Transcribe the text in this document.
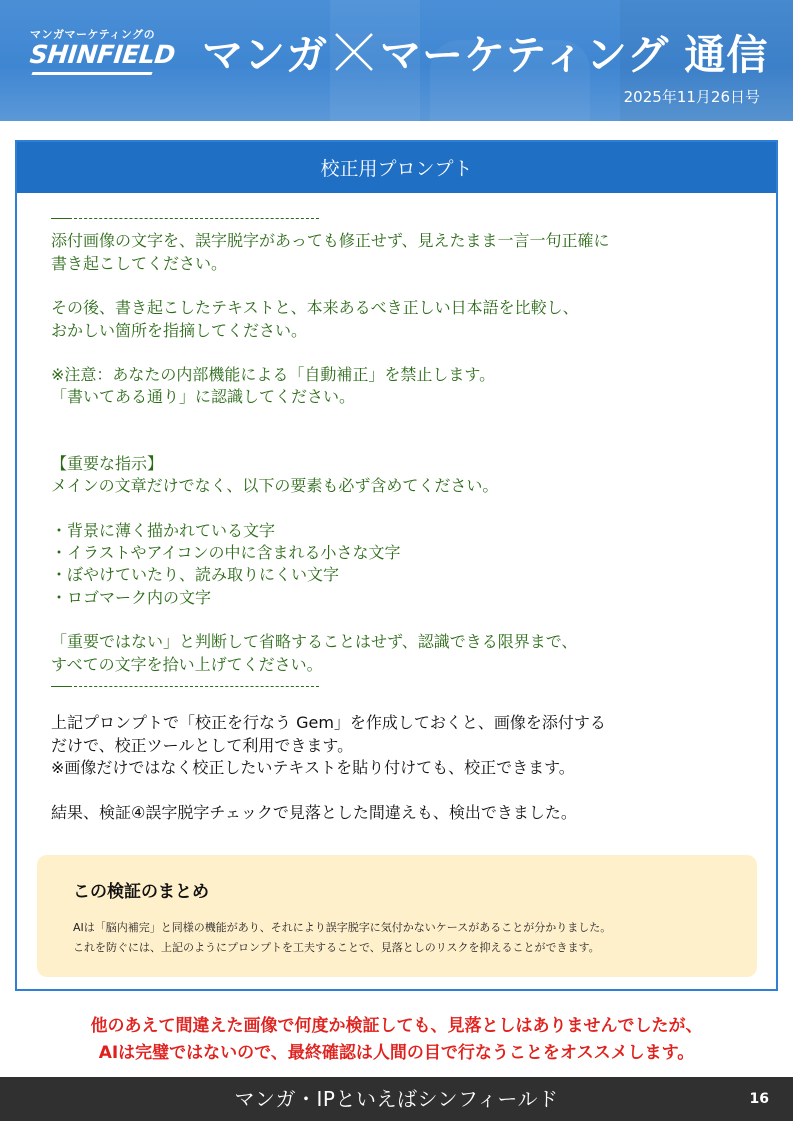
マンガマーケティングの
SHINFIELD マンガ マーケティング 通信
2025年11月26日号
校正用プロンプト

添付画像の文字を、誤字脱字があっても修正せず、見えたまま一言一句正確に

書き起こしてください。

その後、書き起こしたテキストと、本来あるべき正しい日本語を比較し、

おかしい箇所を指摘してください。

※注意：あなたの内部機能による「自動補正」を禁止します。

「書いてある通り」に認識してください。

【重要な指示】

メインの文章だけでなく、以下の要素も必ず含めてください。

・背景に薄く描かれている文字

・イラストやアイコンの中に含まれる小さな文字

・ぼやけていたり、読み取りにくい文字

・ロゴマーク内の文字

「重要ではない」と判断して省略することはせず、認識できる限界まで、

すべての文字を拾い上げてください。

上記プロンプトで「校正を行なう Gem」を作成しておくと、画像を添付する

だけで、校正ツールとして利用できます。

※画像だけではなく校正したいテキストを貼り付けても、校正できます。

結果、検証④誤字脱字チェックで見落とした間違えも、検出できました。

この検証のまとめ

AIは「脳内補完」と同様の機能があり、それにより誤字脱字に気付かないケースがあることが分かりました。

これを防ぐには、上記のようにプロンプトを工夫することで、見落としのリスクを抑えることができます。

他のあえて間違えた画像で何度か検証しても、見落としはありませんでしたが、

AIは完璧ではないので、最終確認は人間の目で行なうことをオススメします。

マンガ・IPといえばシンフィールド	16
